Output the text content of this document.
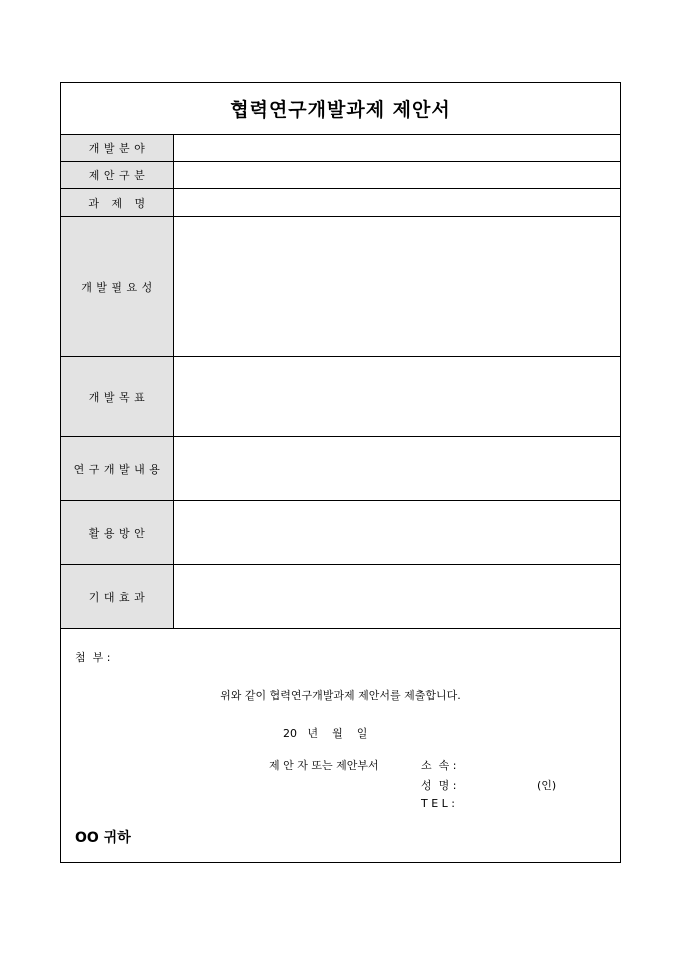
협력연구개발과제 제안서
개 발 분 야
제 안 구 분
과   제   명
개 발 필 요 성
개 발 목 표
연 구 개 발 내 용
활 용 방 안
기 대 효 과
첨  부 :
위와 같이 협력연구개발과제 제안서를 제출합니다.
20   년    월    일
제 안 자 또는 제안부서	소  속 :
성  명 :	(인)
T E L :
OO 귀하
